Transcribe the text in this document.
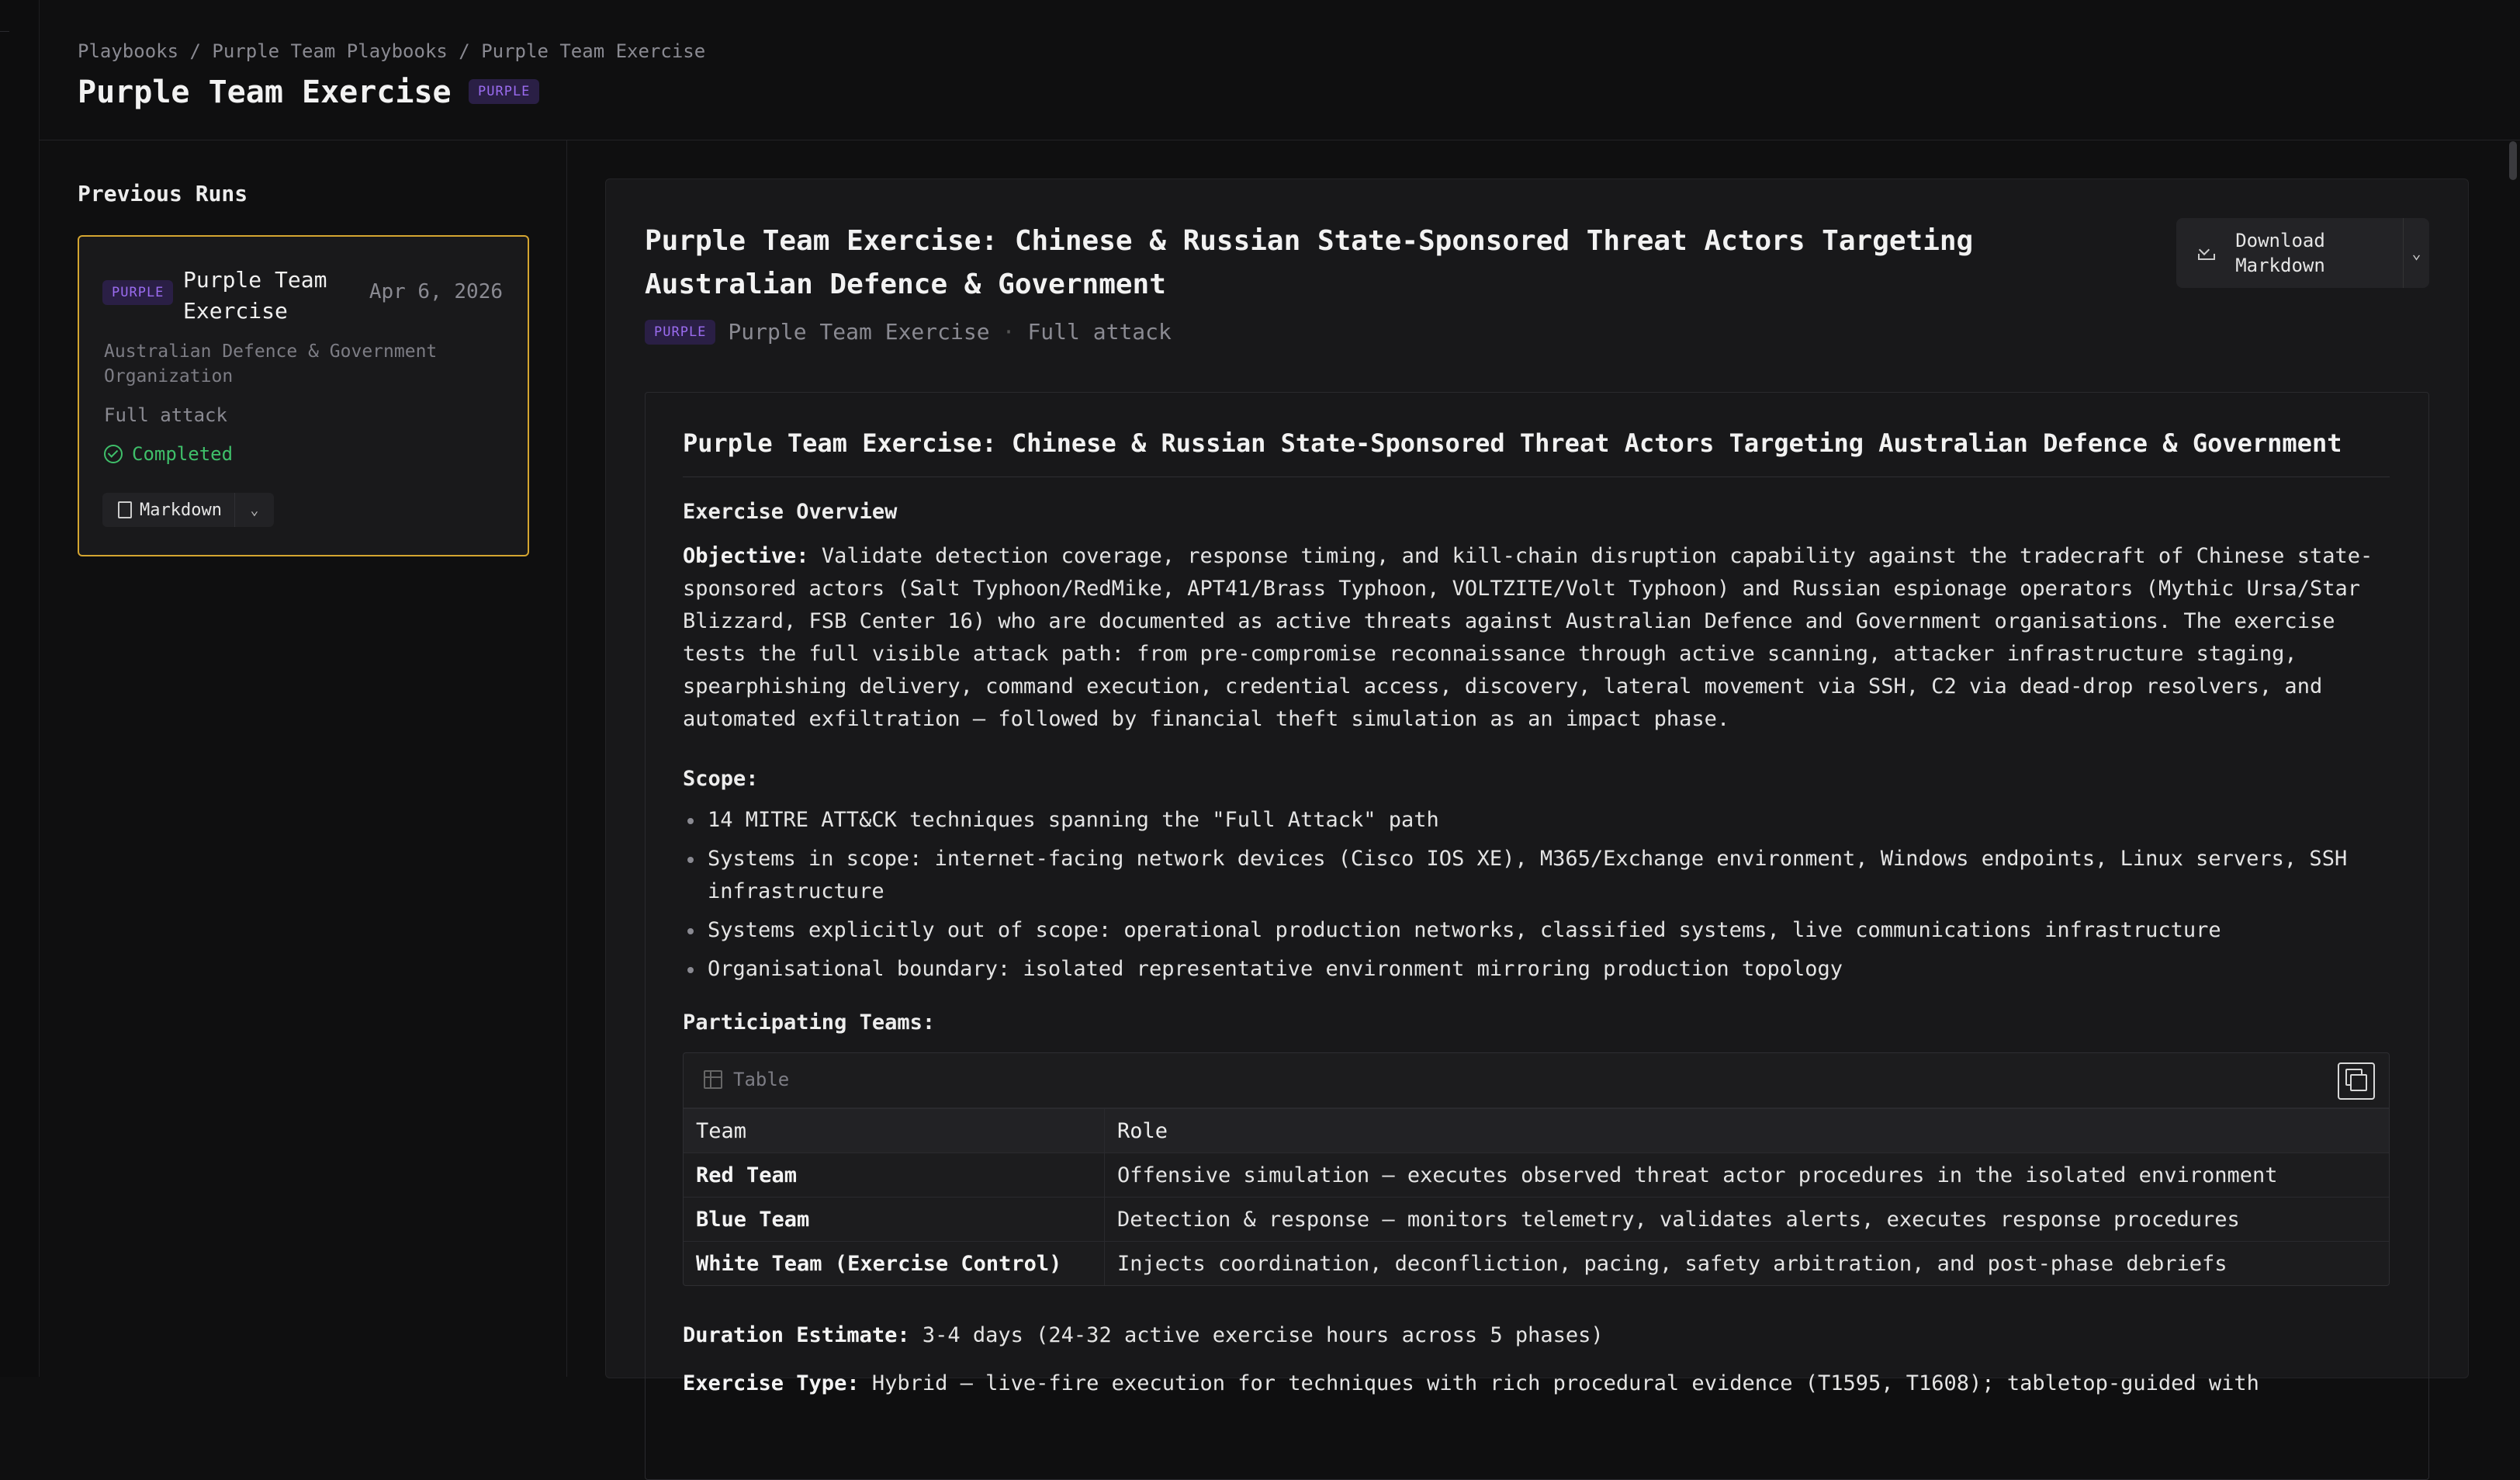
Playbooks / Purple Team Playbooks / Purple Team Exercise
Purple Team Exercise	PURPLE
Previous Runs
PURPLE Purple Team Exercise
Apr 6, 2026
Australian Defence & Government Organization
Full attack
Completed
Markdown	⌄
Purple Team Exercise: Chinese & Russian State-Sponsored Threat Actors Targeting Australian Defence & Government
PURPLE	Purple Team Exercise · Full attack
Download Markdown
⌄
Purple Team Exercise: Chinese & Russian State-Sponsored Threat Actors Targeting Australian Defence & Government
Exercise Overview
Objective: Validate detection coverage, response timing, and kill-chain disruption capability against the tradecraft of Chinese state-sponsored actors (Salt Typhoon/RedMike, APT41/Brass Typhoon, VOLTZITE/Volt Typhoon) and Russian espionage operators (Mythic Ursa/Star Blizzard, FSB Center 16) who are documented as active threats against Australian Defence and Government organisations. The exercise tests the full visible attack path: from pre-compromise reconnaissance through active scanning, attacker infrastructure staging, spearphishing delivery, command execution, credential access, discovery, lateral movement via SSH, C2 via dead-drop resolvers, and automated exfiltration — followed by financial theft simulation as an impact phase.
Scope:
14 MITRE ATT&CK techniques spanning the "Full Attack" path
Systems in scope: internet-facing network devices (Cisco IOS XE), M365/Exchange environment, Windows endpoints, Linux servers, SSH infrastructure
Systems explicitly out of scope: operational production networks, classified systems, live communications infrastructure
Organisational boundary: isolated representative environment mirroring production topology
Participating Teams:
Table
Team	Role
Red Team	Offensive simulation — executes observed threat actor procedures in the isolated environment
Blue Team	Detection & response — monitors telemetry, validates alerts, executes response procedures
White Team (Exercise Control)	Injects coordination, deconfliction, pacing, safety arbitration, and post-phase debriefs
Duration Estimate: 3-4 days (24-32 active exercise hours across 5 phases)
Exercise Type: Hybrid — live-fire execution for techniques with rich procedural evidence (T1595, T1608); tabletop-guided with
